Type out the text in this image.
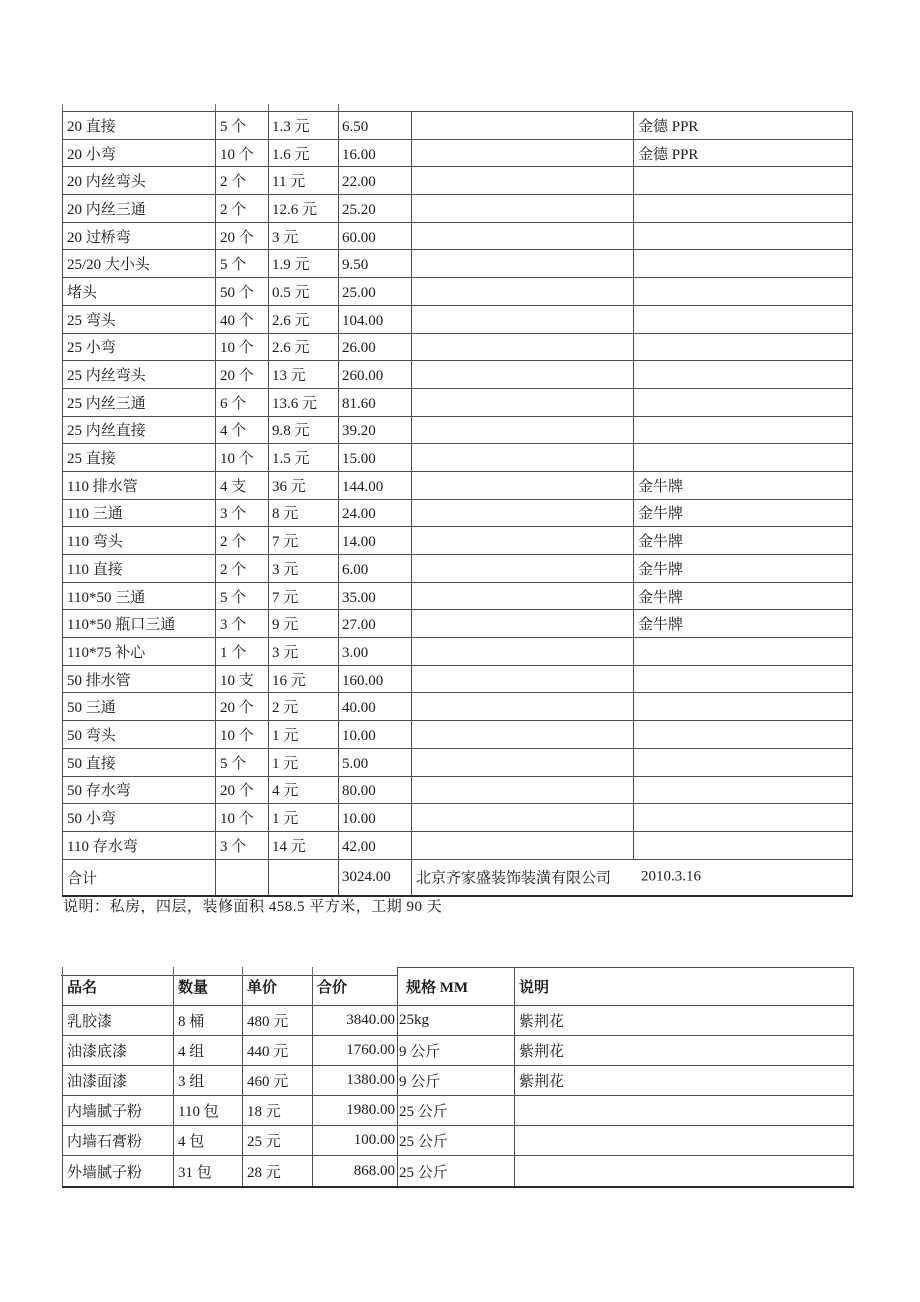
20 直接	5 个	1.3 元	6.50		金德 PPR
20 小弯	10 个	1.6 元	16.00		金德 PPR
20 内丝弯头	2 个	11 元	22.00		
20 内丝三通	2 个	12.6 元	25.20		
20 过桥弯	20 个	3 元	60.00		
25/20 大小头	5 个	1.9 元	9.50		
堵头	50 个	0.5 元	25.00		
25 弯头	40 个	2.6 元	104.00		
25 小弯	10 个	2.6 元	26.00		
25 内丝弯头	20 个	13 元	260.00		
25 内丝三通	6 个	13.6 元	81.60		
25 内丝直接	4 个	9.8 元	39.20		
25 直接	10 个	1.5 元	15.00		
110 排水管	4 支	36 元	144.00		金牛牌
110 三通	3 个	8 元	24.00		金牛牌
110 弯头	2 个	7 元	14.00		金牛牌
110 直接	2 个	3 元	6.00		金牛牌
110*50 三通	5 个	7 元	35.00		金牛牌
110*50 瓶口三通	3 个	9 元	27.00		金牛牌
110*75 补心	1 个	3 元	3.00		
50 排水管	10 支	16 元	160.00		
50 三通	20 个	2 元	40.00		
50 弯头	10 个	1 元	10.00		
50 直接	5 个	1 元	5.00		
50 存水弯	20 个	4 元	80.00		
50 小弯	10 个	1 元	10.00		
110 存水弯	3 个	14 元	42.00		
合计			3024.00	北京齐家盛装饰装潢有限公司 2010.3.16	
说明：私房，四层，装修面积 458.5 平方米，工期 90 天
品名	数量	单价	合价	规格 MM	说明
乳胶漆	8 桶	480 元	3840.00	25kg	紫荆花
油漆底漆	4 组	440 元	1760.00	9 公斤	紫荆花
油漆面漆	3 组	460 元	1380.00	9 公斤	紫荆花
内墙腻子粉	110 包	18 元	1980.00	25 公斤	
内墙石膏粉	4 包	25 元	100.00	25 公斤	
外墙腻子粉	31 包	28 元	868.00	25 公斤	
